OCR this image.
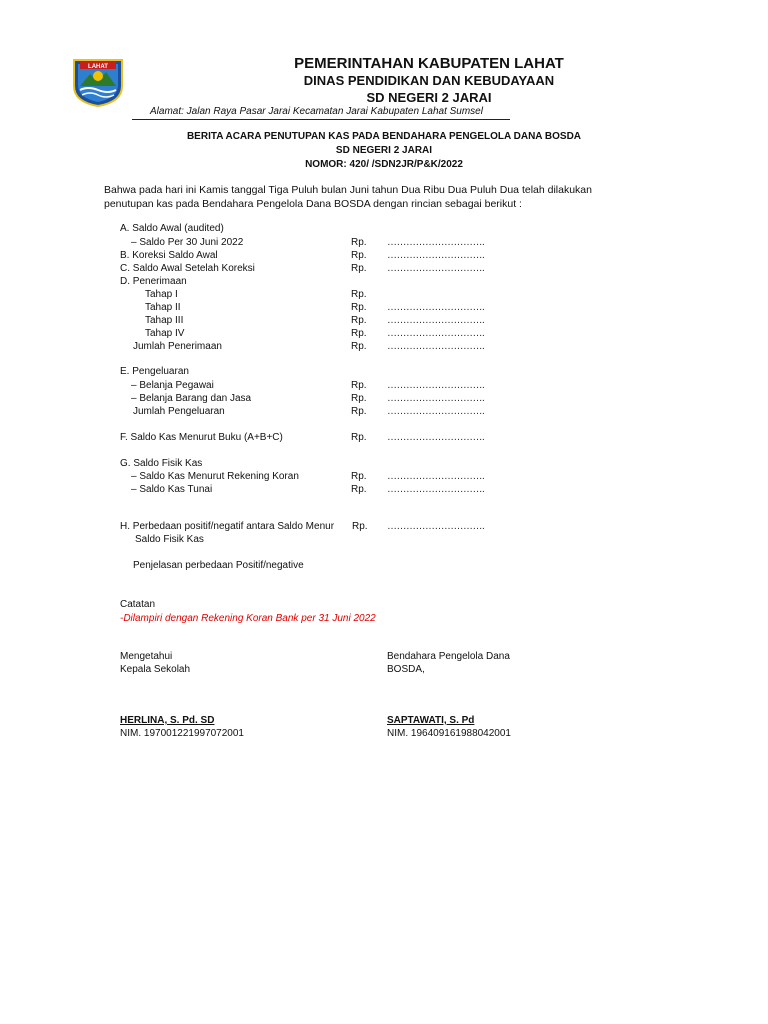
LAHAT	PEMERINTAHAN KABUPATEN LAHAT
DINAS PENDIDIKAN DAN KEBUDAYAAN
SD NEGERI 2 JARAI
Alamat: Jalan Raya Pasar Jarai Kecamatan Jarai Kabupaten Lahat Sumsel
BERITA ACARA PENUTUPAN KAS PADA BENDAHARA PENGELOLA DANA BOSDA
SD NEGERI 2 JARAI
NOMOR: 420/ /SDN2JR/P&K/2022
Bahwa pada hari ini Kamis tanggal Tiga Puluh bulan Juni tahun Dua Ribu Dua Puluh Dua telah dilakukan
penutupan kas pada Bendahara Pengelola Dana BOSDA dengan rincian sebagai berikut :
A. Saldo Awal (audited)
– Saldo Per 30 Juni 2022	Rp. ………………………….
B. Koreksi Saldo Awal	Rp. ………………………….
C. Saldo Awal Setelah Koreksi	Rp. ………………………….
D. Penerimaan
Tahap I	Rp.
Tahap II	Rp. ………………………….
Tahap III	Rp. ………………………….
Tahap IV	Rp. ………………………….
Jumlah Penerimaan	Rp. ………………………….
E. Pengeluaran
– Belanja Pegawai	Rp. ………………………….
– Belanja Barang dan Jasa	Rp. ………………………….
Jumlah Pengeluaran	Rp. ………………………….
F. Saldo Kas Menurut Buku (A+B+C)	Rp. ………………………….
G. Saldo Fisik Kas
– Saldo Kas Menurut Rekening Koran	Rp. ………………………….
– Saldo Kas Tunai	Rp. ………………………….
H. Perbedaan positif/negatif antara Saldo Menur Rp. ………………………….
Saldo Fisik Kas
Penjelasan perbedaan Positif/negative
Catatan
-Dilampiri dengan Rekening Koran Bank per 31 Juni 2022
Mengetahui
Kepala Sekolah
HERLINA, S. Pd. SD
NIM. 197001221997072001
Bendahara Pengelola Dana
BOSDA,
SAPTAWATI, S. Pd
NIM. 196409161988042001
